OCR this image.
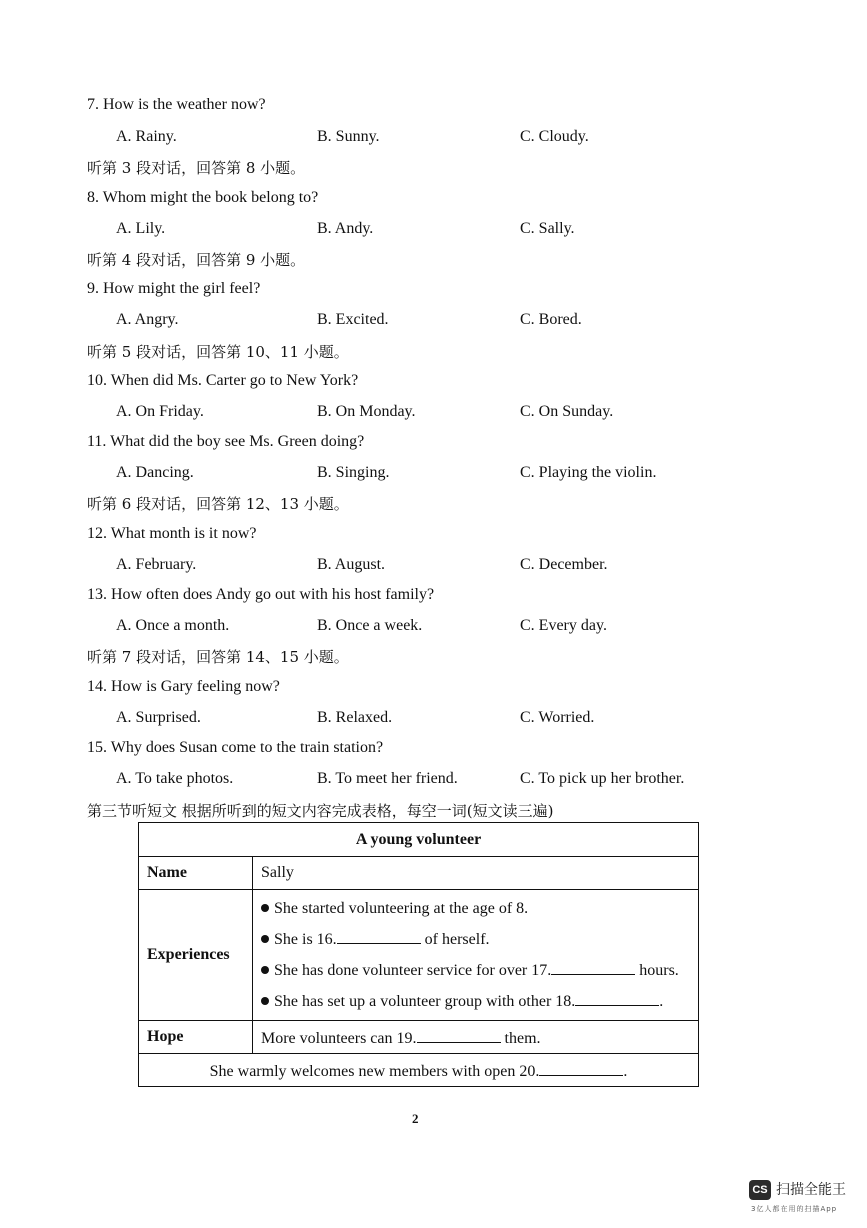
7. How is the weather now?
A. Rainy.	B. Sunny.	C. Cloudy.
听第 3 段对话，回答第 8 小题。
8. Whom might the book belong to?
A. Lily.	B. Andy.	C. Sally.
听第 4 段对话，回答第 9 小题。
9. How might the girl feel?
A. Angry.	B. Excited.	C. Bored.
听第 5 段对话，回答第 10、11 小题。
10. When did Ms. Carter go to New York?
A. On Friday.	B. On Monday.	C. On Sunday.
11. What did the boy see Ms. Green doing?
A. Dancing.	B. Singing.	C. Playing the violin.
听第 6 段对话，回答第 12、13 小题。
12. What month is it now?
A. February.	B. August.	C. December.
13. How often does Andy go out with his host family?
A. Once a month.	B. Once a week.	C. Every day.
听第 7 段对话，回答第 14、15 小题。
14. How is Gary feeling now?
A. Surprised.	B. Relaxed.	C. Worried.
15. Why does Susan come to the train station?
A. To take photos.	B. To meet her friend.	C. To pick up her brother.
第三节听短文 根据所听到的短文内容完成表格，每空一词(短文读三遍)
A young volunteer	
Name	Sally
Experiences	She started volunteering at the age of 8.
She is 16. of herself.
She has done volunteer service for over 17. hours.
She has set up a volunteer group with other 18. .

Hope	More volunteers can 19. them.
She warmly welcomes new members with open 20. .	
2
CS 扫描全能王
3亿人都在用的扫描App
